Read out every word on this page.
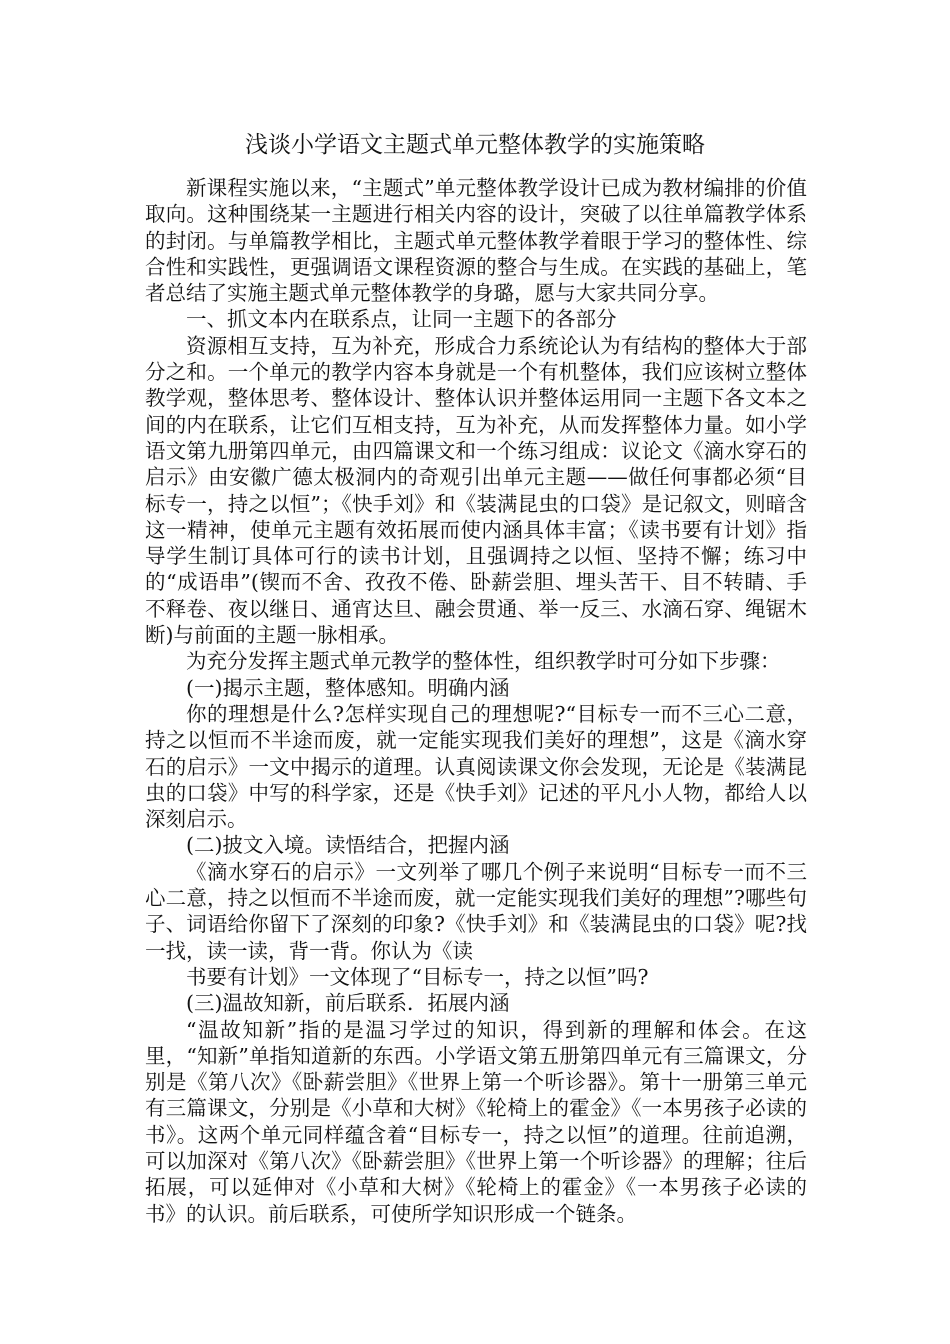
浅谈小学语文主题式单元整体教学的实施策略

新课程实施以来，“主题式”单元整体教学设计已成为教材编排的价值取向。这种围绕某一主题进行相关内容的设计，突破了以往单篇教学体系的封闭。与单篇教学相比，主题式单元整体教学着眼于学习的整体性、综合性和实践性，更强调语文课程资源的整合与生成。在实践的基础上，笔者总结了实施主题式单元整体教学的身璐，愿与大家共同分享。

一、抓文本内在联系点，让同一主题下的各部分

资源相互支持，互为补充，形成合力系统论认为有结构的整体大于部分之和。一个单元的教学内容本身就是一个有机整体，我们应该树立整体教学观，整体思考、整体设计、整体认识并整体运用同一主题下各文本之间的内在联系，让它们互相支持，互为补充，从而发挥整体力量。如小学语文第九册第四单元，由四篇课文和一个练习组成：议论文《滴水穿石的启示》由安徽广德太极洞内的奇观引出单元主题——做任何事都必须“目标专一，持之以恒”；《快手刘》和《装满昆虫的口袋》是记叙文，则暗含这一精神，使单元主题有效拓展而使内涵具体丰富；《读书要有计划》指导学生制订具体可行的读书计划，且强调持之以恒、坚持不懈；练习中的“成语串”(锲而不舍、孜孜不倦、卧薪尝胆、埋头苦干、目不转睛、手不释卷、夜以继日、通宵达旦、融会贯通、举一反三、水滴石穿、绳锯木断)与前面的主题一脉相承。

为充分发挥主题式单元教学的整体性，组织教学时可分如下步骤：

(一)揭示主题，整体感知。明确内涵

你的理想是什么?怎样实现自己的理想呢?“目标专一而不三心二意，持之以恒而不半途而废，就一定能实现我们美好的理想”，这是《滴水穿石的启示》一文中揭示的道理。认真阅读课文你会发现，无论是《装满昆虫的口袋》中写的科学家，还是《快手刘》记述的平凡小人物，都给人以深刻启示。

(二)披文入境。读悟结合，把握内涵

《滴水穿石的启示》一文列举了哪几个例子来说明“目标专一而不三心二意，持之以恒而不半途而废，就一定能实现我们美好的理想”?哪些句子、词语给你留下了深刻的印象?《快手刘》和《装满昆虫的口袋》呢?找一找，读一读，背一背。你认为《读

书要有计划》一文体现了“目标专一，持之以恒”吗?

(三)温故知新，前后联系．拓展内涵

“温故知新”指的是温习学过的知识，得到新的理解和体会。在这里，“知新”单指知道新的东西。小学语文第五册第四单元有三篇课文，分别是《第八次》《卧薪尝胆》《世界上第一个听诊器》。第十一册第三单元有三篇课文，分别是《小草和大树》《轮椅上的霍金》《一本男孩子必读的书》。这两个单元同样蕴含着“目标专一，持之以恒”的道理。往前追溯，可以加深对《第八次》《卧薪尝胆》《世界上第一个听诊器》的理解；往后拓展，可以延伸对《小草和大树》《轮椅上的霍金》《一本男孩子必读的书》的认识。前后联系，可使所学知识形成一个链条。
